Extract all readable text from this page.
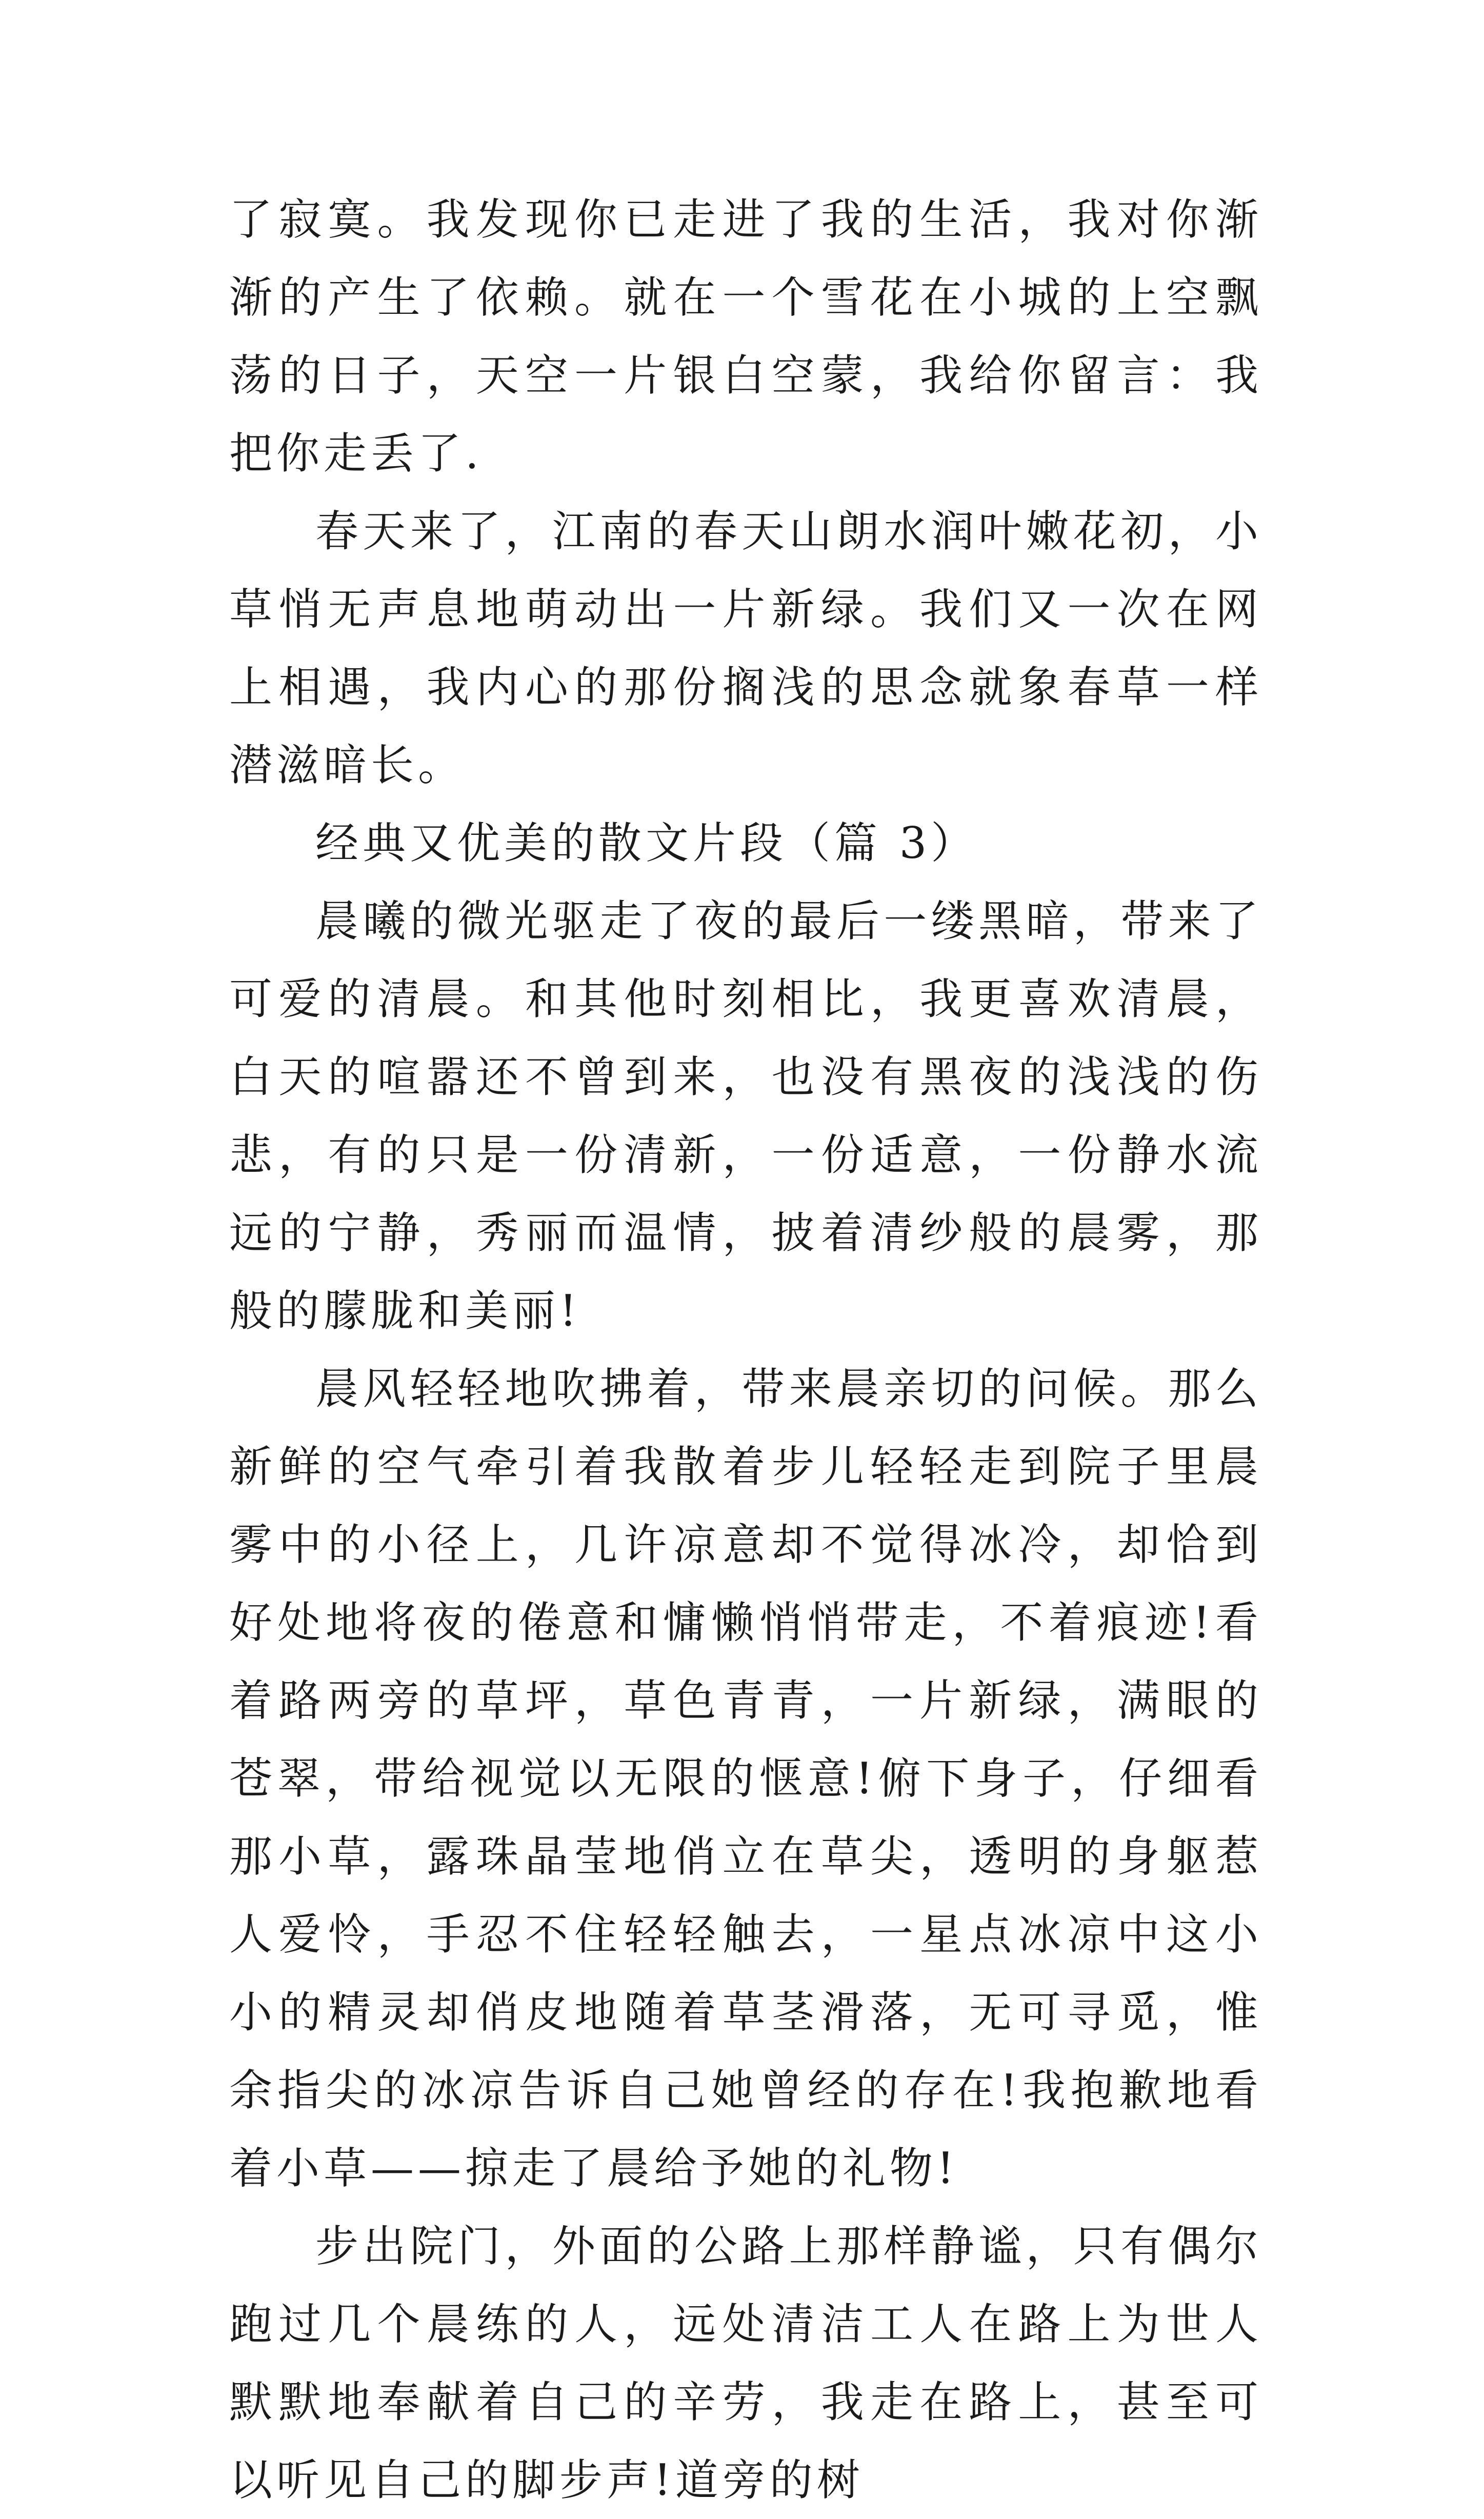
了寂寞。我发现你已走进了我的生活，我对你渐渐的产生了依赖。就在一个雪花在小城的上空飘荡的日子，天空一片银白空蒙，我给你留言：我把你走丢了.

春天来了，江南的春天山朗水润叶嫩花初，小草悄无声息地萌动出一片新绿。我们又一次在网上相遇，我内心的那份搁浅的思念就象春草一样潜滋暗长。

经典又优美的散文片段（篇 3）

晨曦的微光驱走了夜的最后一缕黑暗，带来了可爱的清晨。和其他时刻相比，我更喜欢清晨，白天的喧嚣还不曾到来，也没有黑夜的浅浅的伤悲，有的只是一份清新，一份适意，一份静水流远的宁静，秀丽而温情，披着清纱般的晨雾，那般的朦胧和美丽!

晨风轻轻地吹拂着，带来晨亲切的问候。那么新鲜的空气牵引着我散着步儿轻轻走到院子里晨雾中的小径上，几许凉意却不觉得冰冷，却恰到好处地将夜的倦意和慵懒悄悄带走，不着痕迹!看着路两旁的草坪，草色青青，一片新绿，满眼的苍翠，带给视觉以无限的惬意!俯下身子，仔细看那小草，露珠晶莹地俏立在草尖，透明的身躯惹人爱怜，手忍不住轻轻触去，一星点冰凉中这小小的精灵却俏皮地随着草茎滑落，无可寻觅，惟余指尖的冰凉告诉自己她曾经的存在!我抱歉地看着小草——掠走了晨给予她的礼物!

步出院门，外面的公路上那样静谧，只有偶尔跑过几个晨练的人，远处清洁工人在路上为世人默默地奉献着自己的辛劳，我走在路上，甚至可以听见自己的脚步声!道旁的树
